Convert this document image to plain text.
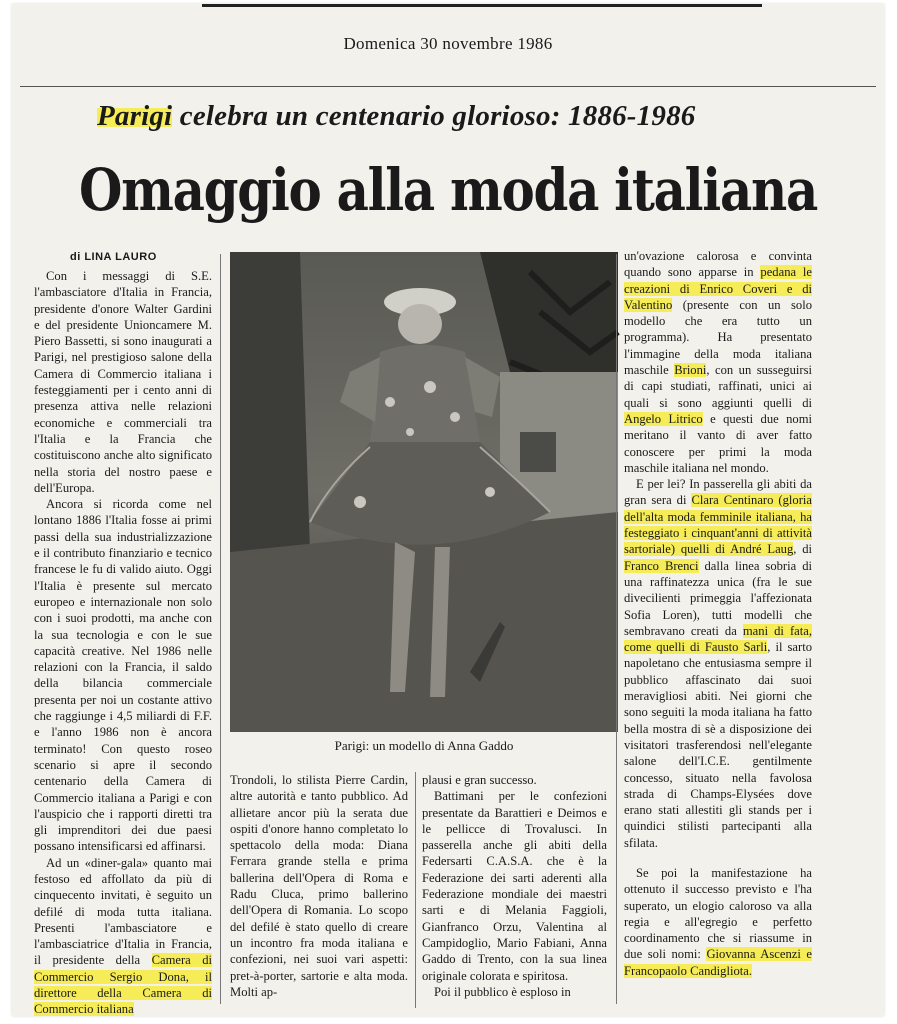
Domenica 30 novembre 1986
Parigi celebra un centenario glorioso: 1886-1986
Omaggio alla moda italiana
di LINA LAURO

Con i messaggi di S.E. l'ambasciatore d'Italia in Francia, presidente d'onore Walter Gardini e del presidente Unioncamere M. Piero Bassetti, si sono inaugurati a Parigi, nel prestigioso salone della Camera di Commercio italiana i festeggiamenti per i cento anni di presenza attiva nelle relazioni economiche e commerciali tra l'Italia e la Francia che costituiscono anche alto significato nella storia del nostro paese e dell'Europa.

Ancora si ricorda come nel lontano 1886 l'Italia fosse ai primi passi della sua industrializzazione e il contributo finanziario e tecnico francese le fu di valido aiuto. Oggi l'Italia è presente sul mercato europeo e internazionale non solo con i suoi prodotti, ma anche con la sua tecnologia e con le sue capacità creative. Nel 1986 nelle relazioni con la Francia, il saldo della bilancia commerciale presenta per noi un costante attivo che raggiunge i 4,5 miliardi di F.F. e l'anno 1986 non è ancora terminato! Con questo roseo scenario si apre il secondo centenario della Camera di Commercio italiana a Parigi e con l'auspicio che i rapporti diretti tra gli imprenditori dei due paesi possano intensificarsi ed affinarsi.

Ad un «diner-gala» quanto mai festoso ed affollato da più di cinquecento invitati, è seguito un defilé di moda tutta italiana. Presenti l'ambasciatore e l'ambasciatrice d'Italia in Francia, il presidente della Camera di Commercio Sergio Dona, il direttore della Camera di Commercio italiana

Parigi: un modello di Anna Gaddo

Trondoli, lo stilista Pierre Cardin, altre autorità e tanto pubblico. Ad allietare ancor più la serata due ospiti d'onore hanno completato lo spettacolo della moda: Diana Ferrara grande stella e prima ballerina dell'Opera di Roma e Radu Cluca, primo ballerino dell'Opera di Romania. Lo scopo del defilé è stato quello di creare un incontro fra moda italiana e confezioni, nei suoi vari aspetti: pret-à-porter, sartorie e alta moda. Molti ap-

plausi e gran successo.

Battimani per le confezioni presentate da Barattieri e Deimos e le pellicce di Trovalusci. In passerella anche gli abiti della Federsarti C.A.S.A. che è la Federazione dei sarti aderenti alla Federazione mondiale dei maestri sarti e di Melania Faggioli, Gianfranco Orzu, Valentina al Campidoglio, Mario Fabiani, Anna Gaddo di Trento, con la sua linea originale colorata e spiritosa.

Poi il pubblico è esploso in

un'ovazione calorosa e convinta quando sono apparse in pedana le creazioni di Enrico Coveri e di Valentino (presente con un solo modello che era tutto un programma). Ha presentato l'immagine della moda italiana maschile Brioni, con un susseguirsi di capi studiati, raffinati, unici ai quali si sono aggiunti quelli di Angelo Litrico e questi due nomi meritano il vanto di aver fatto conoscere per primi la moda maschile italiana nel mondo.

E per lei? In passerella gli abiti da gran sera di Clara Centinaro (gloria dell'alta moda femminile italiana, ha festeggiato i cinquant'anni di attività sartoriale) quelli di André Laug, di Franco Brenci dalla linea sobria di una raffinatezza unica (fra le sue divecilienti primeggia l'affezionata Sofia Loren), tutti modelli che sembravano creati da mani di fata, come quelli di Fausto Sarli, il sarto napoletano che entusiasma sempre il pubblico affascinato dai suoi meravigliosi abiti. Nei giorni che sono seguiti la moda italiana ha fatto bella mostra di sè a disposizione dei visitatori trasferendosi nell'elegante salone dell'I.C.E. gentilmente concesso, situato nella favolosa strada di Champs-Elysées dove erano stati allestiti gli stands per i quindici stilisti partecipanti alla sfilata.

Se poi la manifestazione ha ottenuto il successo previsto e l'ha superato, un elogio caloroso va alla regia e all'egregio e perfetto coordinamento che si riassume in due soli nomi: Giovanna Ascenzi e Francopaolo Candigliota.
